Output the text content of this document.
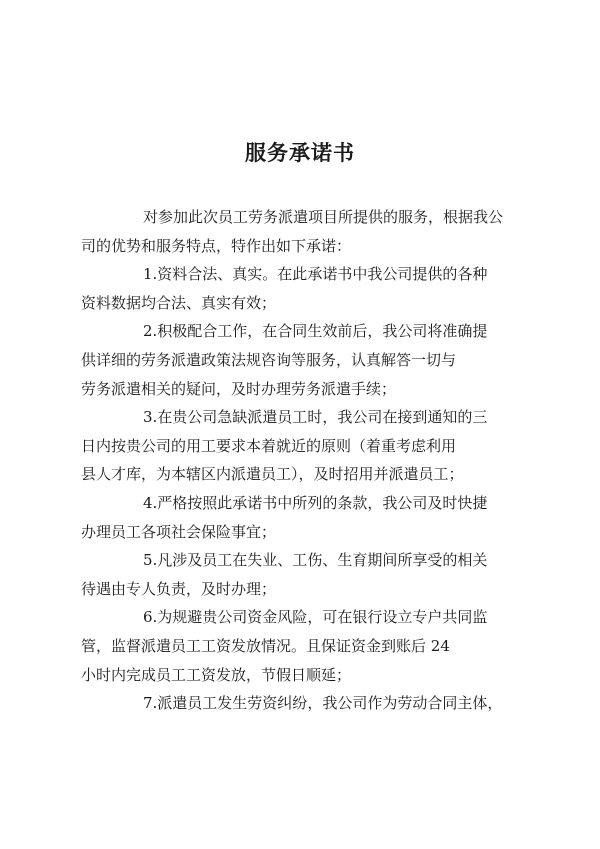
服务承诺书

对参加此次员工劳务派遣项目所提供的服务，根据我公
司的优势和服务特点，特作出如下承诺：

1.资料合法、真实。在此承诺书中我公司提供的各种
资料数据均合法、真实有效；

2.积极配合工作，在合同生效前后，我公司将准确提
供详细的劳务派遣政策法规咨询等服务，认真解答一切与
劳务派遣相关的疑问，及时办理劳务派遣手续；

3.在贵公司急缺派遣员工时，我公司在接到通知的三
日内按贵公司的用工要求本着就近的原则（着重考虑利用
县人才库，为本辖区内派遣员工），及时招用并派遣员工；

4.严格按照此承诺书中所列的条款，我公司及时快捷
办理员工各项社会保险事宜；

5.凡涉及员工在失业、工伤、生育期间所享受的相关
待遇由专人负责，及时办理；

6.为规避贵公司资金风险，可在银行设立专户共同监
管，监督派遣员工工资发放情况。且保证资金到账后 24
小时内完成员工工资发放，节假日顺延；

7.派遣员工发生劳资纠纷，我公司作为劳动合同主体，
